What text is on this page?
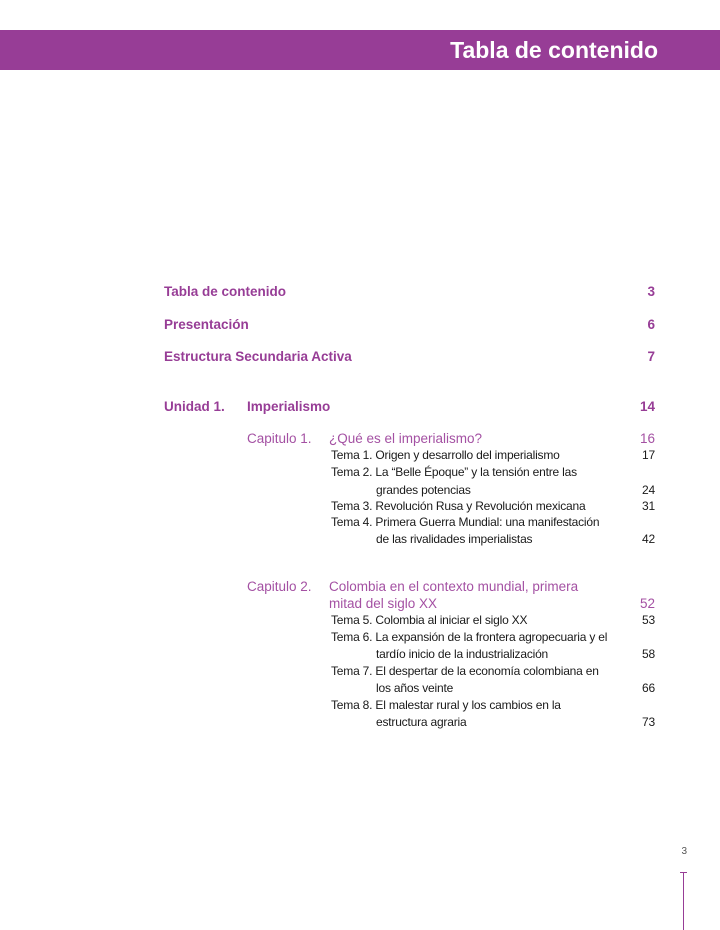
Tabla de contenido
Tabla de contenido	3
Presentación	6
Estructura Secundaria Activa	7
Unidad 1. Imperialismo	14
Capitulo 1. ¿Qué es el imperialismo?	16
Tema 1. Origen y desarrollo del imperialismo	17
Tema 2. La “Belle Époque” y la tensión entre las
grandes potencias	24
Tema 3. Revolución Rusa y Revolución mexicana	31
Tema 4. Primera Guerra Mundial: una manifestación
de las rivalidades imperialistas	42
Capitulo 2. Colombia en el contexto mundial, primera
mitad del siglo XX	52
Tema 5. Colombia al iniciar el siglo XX	53
Tema 6. La expansión de la frontera agropecuaria y el
tardío inicio de la industrialización	58
Tema 7. El despertar de la economía colombiana en
los años veinte	66
Tema 8. El malestar rural y los cambios en la
estructura agraria	73
3
